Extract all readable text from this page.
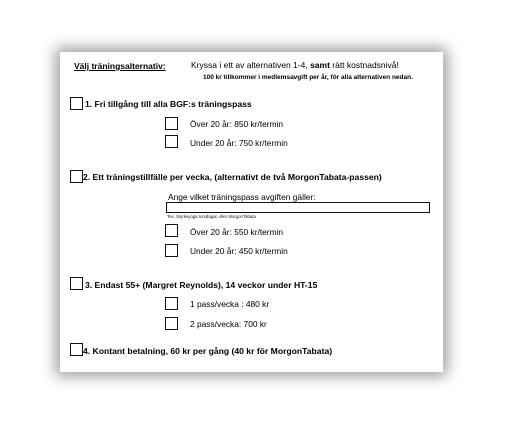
Välj träningsalternativ:	Kryssa i ett av alternativen 1-4, samt rätt kostnadsnivå!
100 kr tillkommer i medlemsavgift per år, för alla alternativen nedan.
1. Fri tillgång till alla BGF:s träningspass
Över 20 år: 850 kr/termin
Under 20 år: 750 kr/termin
2. Ett träningstillfälle per vecka, (alternativt de två MorgonTabata-passen)
Ange vilket träningspass avgiften gäller:
Tex. Styrkeyoga torsdagar, eller MorgonTabata
Över 20 år: 550 kr/termin
Under 20 år: 450 kr/termin
3. Endast 55+ (Margret Reynolds), 14 veckor under HT-15
1 pass/vecka : 480 kr
2 pass/vecka: 700 kr
4. Kontant betalning, 60 kr per gång (40 kr för MorgonTabata)
